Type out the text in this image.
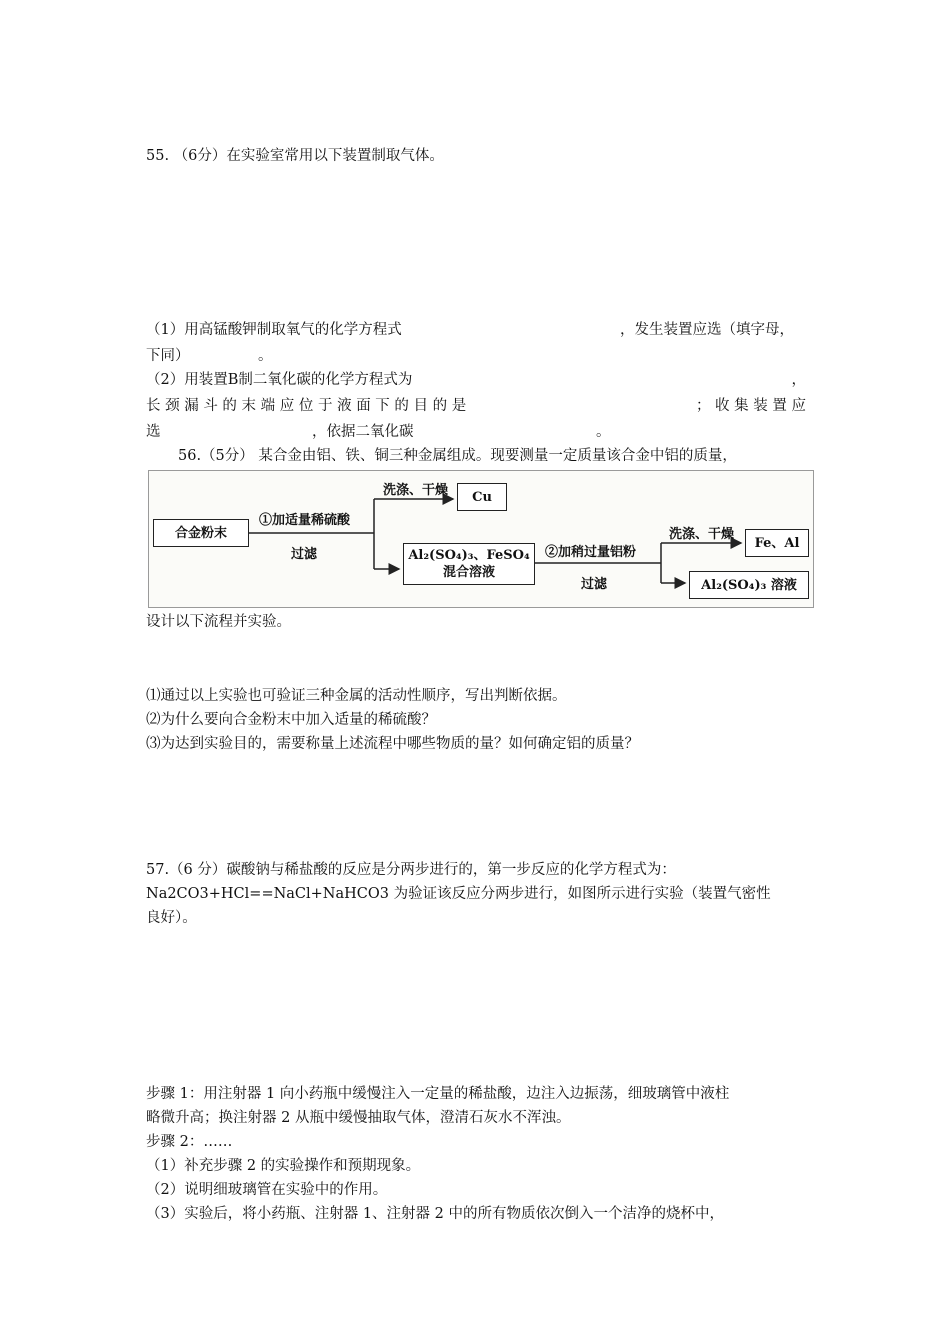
55. （6分）在实验室常用以下装置制取气体。
（1）用高锰酸钾制取氧气的化学方程式	，发生装置应选（填字母，
下同）	。
（2）用装置B制二氧化碳的化学方程式为	，
长 颈 漏 斗 的 末 端 应 位 于 液 面 下 的 目 的 是	； 收 集 装 置 应
选	，依据二氧化碳	。
56.（5分） 某合金由铝、铁、铜三种金属组成。现要测量一定质量该合金中铝的质量，
合金粉末
①加适量稀硫酸
过滤
洗涤、干燥	Cu
Al₂(SO₄)₃、FeSO₄
混合溶液
②加稍过量铝粉
过滤
洗涤、干燥
Fe、Al
Al₂(SO₄)₃ 溶液
设计以下流程并实验。
⑴通过以上实验也可验证三种金属的活动性顺序，写出判断依据。
⑵为什么要向合金粉末中加入适量的稀硫酸？
⑶为达到实验目的，需要称量上述流程中哪些物质的量？如何确定铝的质量？
57.（6 分）碳酸钠与稀盐酸的反应是分两步进行的，第一步反应的化学方程式为：
Na2CO3+HCl==NaCl+NaHCO3 为验证该反应分两步进行，如图所示进行实验（装置气密性
良好）。
步骤 1：用注射器 1 向小药瓶中缓慢注入一定量的稀盐酸，边注入边振荡，细玻璃管中液柱
略微升高；换注射器 2 从瓶中缓慢抽取气体，澄清石灰水不浑浊。
步骤 2：……
（1）补充步骤 2 的实验操作和预期现象。
（2）说明细玻璃管在实验中的作用。
（3）实验后，将小药瓶、注射器 1、注射器 2 中的所有物质依次倒入一个洁净的烧杯中，
